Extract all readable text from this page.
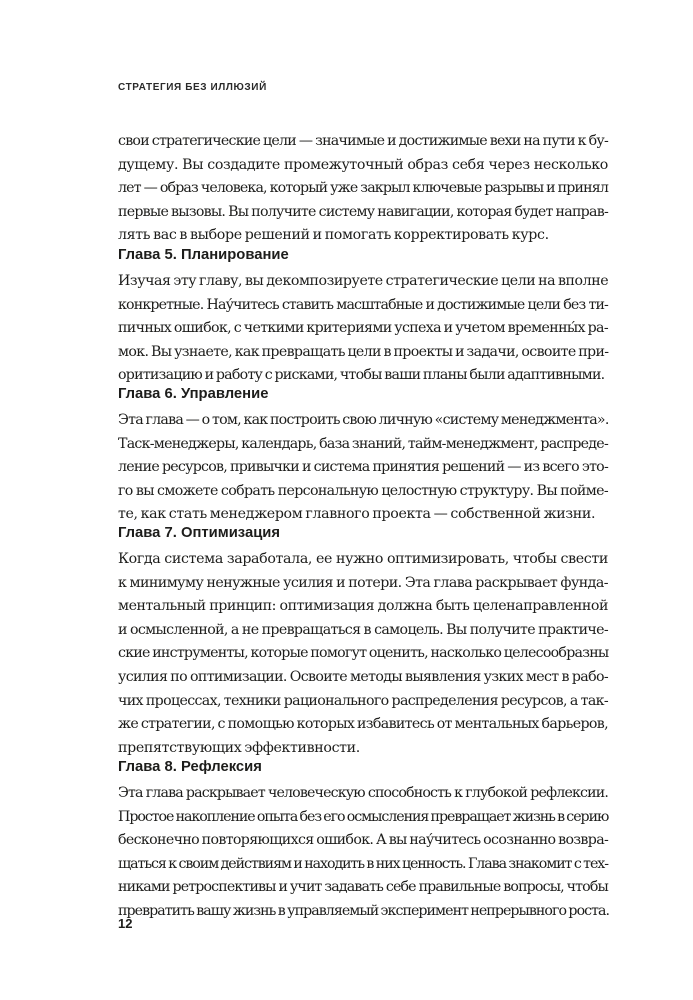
СТРАТЕГИЯ БЕЗ ИЛЛЮЗИЙ
свои стратегические цели — значимые и достижимые вехи на пути к бу-
дущему. Вы создадите промежуточный образ себя через несколько
лет — образ человека, который уже закрыл ключевые разрывы и принял
первые вызовы. Вы получите систему навигации, которая будет направ-
лять вас в выборе решений и помогать корректировать курс.
Глава 5. Планирование
Изучая эту главу, вы декомпозируете стратегические цели на вполне
конкретные. Нау́читесь ставить масштабные и достижимые цели без ти-
пичных ошибок, с четкими критериями успеха и учетом временны́х ра-
мок. Вы узнаете, как превращать цели в проекты и задачи, освоите при-
оритизацию и работу с рисками, чтобы ваши планы были адаптивными.
Глава 6. Управление
Эта глава — о том, как построить свою личную «систему менеджмента».
Таск-менеджеры, календарь, база знаний, тайм-менеджмент, распреде-
ление ресурсов, привычки и система принятия решений — из всего это-
го вы сможете собрать персональную целостную структуру. Вы пойме-
те, как стать менеджером главного проекта — собственной жизни.
Глава 7. Оптимизация
Когда система заработала, ее нужно оптимизировать, чтобы свести
к минимуму ненужные усилия и потери. Эта глава раскрывает фунда-
ментальный принцип: оптимизация должна быть целенаправленной
и осмысленной, а не превращаться в самоцель. Вы получите практиче-
ские инструменты, которые помогут оценить, насколько целесообразны
усилия по оптимизации. Освоите методы выявления узких мест в рабо-
чих процессах, техники рационального распределения ресурсов, а так-
же стратегии, с помощью которых избавитесь от ментальных барьеров,
препятствующих эффективности.
Глава 8. Рефлексия
Эта глава раскрывает человеческую способность к глубокой рефлексии.
Простое накопление опыта без его осмысления превращает жизнь в серию
бесконечно повторяющихся ошибок. А вы нау́читесь осознанно возвра-
щаться к своим действиям и находить в них ценность. Глава знакомит с тех-
никами ретроспективы и учит задавать себе правильные вопросы, чтобы
превратить вашу жизнь в управляемый эксперимент непрерывного роста.
12
